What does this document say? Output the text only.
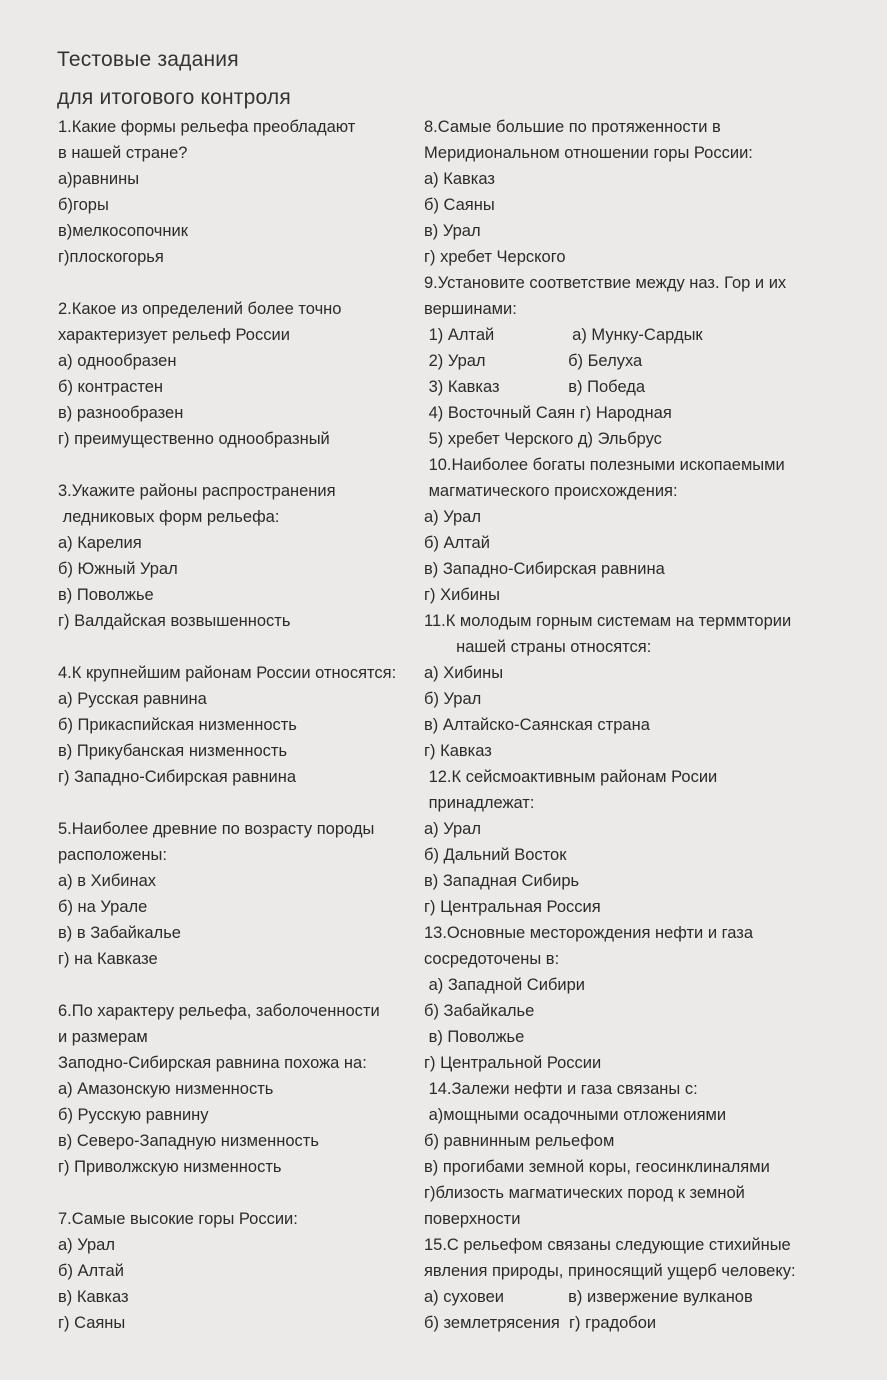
Тестовые задания
для итогового контроля
1.Какие формы рельефа преобладают
в нашей стране?
а)равнины
б)горы
в)мелкосопочник
г)плоскогорья
2.Какое из определений более точно
характеризует рельеф России
а) однообразен
б) контрастен
в) разнообразен
г) преимущественно однообразный
3.Укажите районы распространения
ледниковых форм рельефа:
а) Карелия
б) Южный Урал
в) Поволжье
г) Валдайская возвышенность
4.К крупнейшим районам России относятся:
а) Русская равнина
б) Прикаспийская низменность
в) Прикубанская низменность
г) Западно-Сибирская равнина
5.Наиболее древние по возрасту породы
расположены:
а) в Хибинах
б) на Урале
в) в Забайкалье
г) на Кавказе
6.По характеру рельефа, заболоченности
и размерам
Заподно-Сибирская равнина похожа на:
а) Амазонскую низменность
б) Русскую равнину
в) Северо-Западную низменность
г) Приволжскую низменность
7.Самые высокие горы России:
а) Урал
б) Алтай
в) Кавказ
г) Саяны
8.Самые большие по протяженности в
Меридиональном отношении горы России:
а) Кавказ
б) Саяны
в) Урал
г) хребет Черского
9.Установите соответствие между наз. Гор и их
вершинами:
1) Алтай                 а) Мунку-Сардык
2) Урал                  б) Белуха
3) Кавказ               в) Победа
4) Восточный Саян г) Народная
5) хребет Черского д) Эльбрус
10.Наиболее богаты полезными ископаемыми
магматического происхождения:
а) Урал
б) Алтай
в) Западно-Сибирская равнина
г) Хибины
11.К молодым горным системам на терммтории
нашей страны относятся:
а) Хибины
б) Урал
в) Алтайско-Саянская страна
г) Кавказ
12.К сейсмоактивным районам Росии
принадлежат:
а) Урал
б) Дальний Восток
в) Западная Сибирь
г) Центральная Россия
13.Основные месторождения нефти и газа
сосредоточены в:
а) Западной Сибири
б) Забайкалье
в) Поволжье
г) Центральной России
14.Залежи нефти и газа связаны с:
а)мощными осадочными отложениями
б) равнинным рельефом
в) прогибами земной коры, геосинклиналями
г)близость магматических пород к земной
поверхности
15.С рельефом связаны следующие стихийные
явления природы, приносящий ущерб человеку:
а) суховеи              в) извержение вулканов
б) землетрясения  г) градобои
